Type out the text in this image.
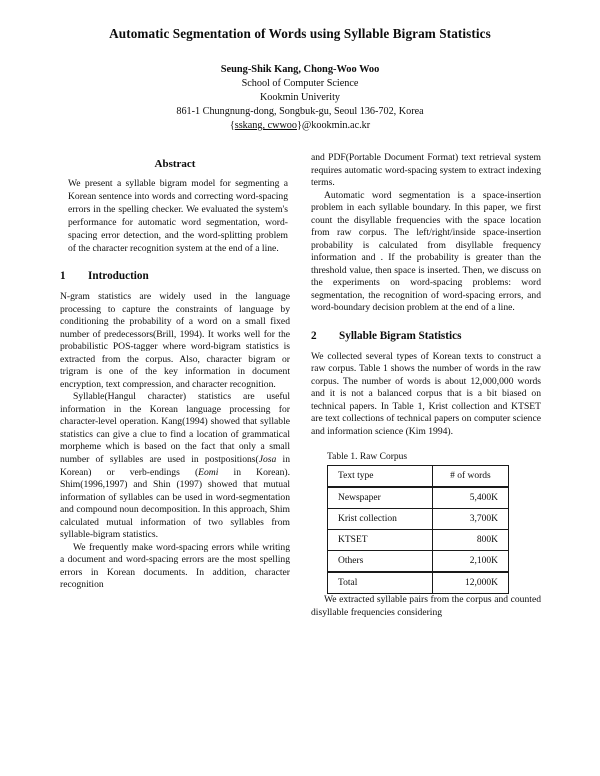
Automatic Segmentation of Words using Syllable Bigram Statistics
Seung-Shik Kang, Chong-Woo Woo
School of Computer Science
Kookmin Univerity
861-1 Chungnung-dong, Songbuk-gu, Seoul 136-702, Korea
{sskang, cwwoo}@kookmin.ac.kr
Abstract

We present a syllable bigram model for segmenting a Korean sentence into words and correcting word-spacing errors in the spelling checker. We evaluated the system's performance for automatic word segmentation, word-spacing error detection, and the word-splitting problem of the character recognition system at the end of a line.

1	Introduction

N-gram statistics are widely used in the language processing to capture the constraints of language by conditioning the probability of a word on a small fixed number of predecessors(Brill, 1994). It works well for the probabilistic POS-tagger where word-bigram statistics is extracted from the corpus. Also, character bigram or trigram is one of the key information in document encryption, text compression, and character recognition.

Syllable(Hangul character) statistics are useful information in the Korean language processing for character-level operation. Kang(1994) showed that syllable statistics can give a clue to find a location of grammatical morpheme which is based on the fact that only a small number of syllables are used in postpositions(Josa in Korean) or verb-endings (Eomi in Korean). Shim(1996,1997) and Shin (1997) showed that mutual information of syllables can be used in word-segmentation and compound noun decomposition. In this approach, Shim calculated mutual information of two syllables from syllable-bigram statistics.

We frequently make word-spacing errors while writing a document and word-spacing errors are the most spelling errors in Korean documents. In addition, character recognition

and PDF(Portable Document Format) text retrieval system requires automatic word-spacing system to extract indexing terms.

Automatic word segmentation is a space-insertion problem in each syllable boundary. In this paper, we first count the disyllable frequencies with the space location from raw corpus. The left/right/inside space-insertion probability is calculated from disyllable frequency information and . If the probability is greater than the threshold value, then space is inserted. Then, we discuss on the experiments on word-spacing problems: word segmentation, the recognition of word-spacing errors, and word-boundary decision problem at the end of a line.

2	Syllable Bigram Statistics

We collected several types of Korean texts to construct a raw corpus. Table 1 shows the number of words in the raw corpus. The number of words is about 12,000,000 words and it is not a balanced corpus that is a bit biased on technical papers. In Table 1, Krist collection and KTSET are text collections of technical papers on computer science and information science (Kim 1994).

Table 1. Raw Corpus
Text type	# of words
Newspaper	5,400K
Krist collection	3,700K
KTSET	800K
Others	2,100K
Total	12,000K

We extracted syllable pairs from the corpus and counted disyllable frequencies considering
